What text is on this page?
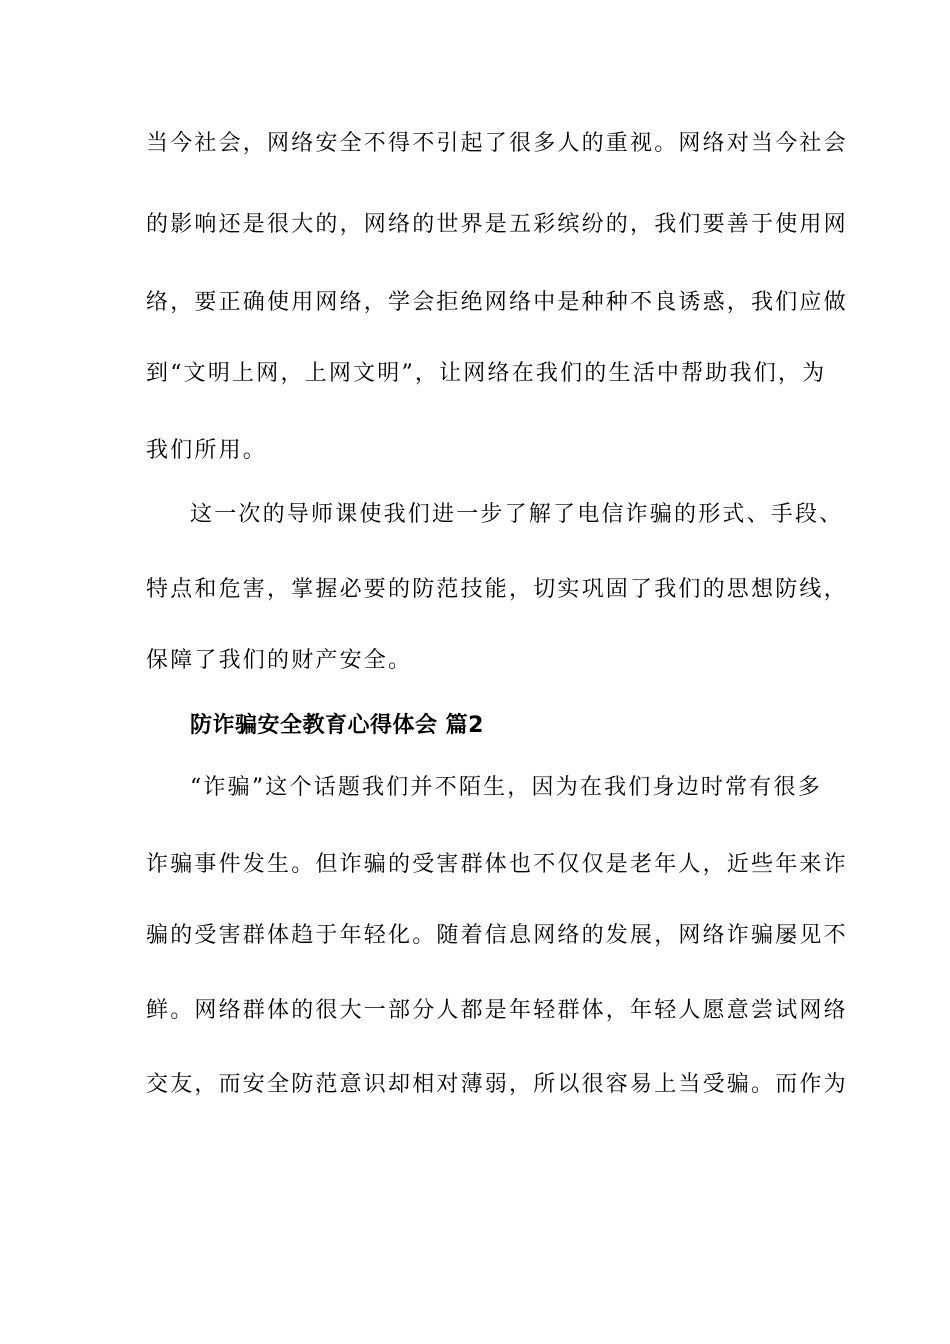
当今社会，网络安全不得不引起了很多人的重视。网络对当今社会
的影响还是很大的，网络的世界是五彩缤纷的，我们要善于使用网
络，要正确使用网络，学会拒绝网络中是种种不良诱惑，我们应做
到“文明上网，上网文明”，让网络在我们的生活中帮助我们，为
我们所用。
这一次的导师课使我们进一步了解了电信诈骗的形式、手段、
特点和危害，掌握必要的防范技能，切实巩固了我们的思想防线，
保障了我们的财产安全。
防诈骗安全教育心得体会 篇2
“诈骗”这个话题我们并不陌生，因为在我们身边时常有很多
诈骗事件发生。但诈骗的受害群体也不仅仅是老年人，近些年来诈
骗的受害群体趋于年轻化。随着信息网络的发展，网络诈骗屡见不
鲜。网络群体的很大一部分人都是年轻群体，年轻人愿意尝试网络
交友，而安全防范意识却相对薄弱，所以很容易上当受骗。而作为
